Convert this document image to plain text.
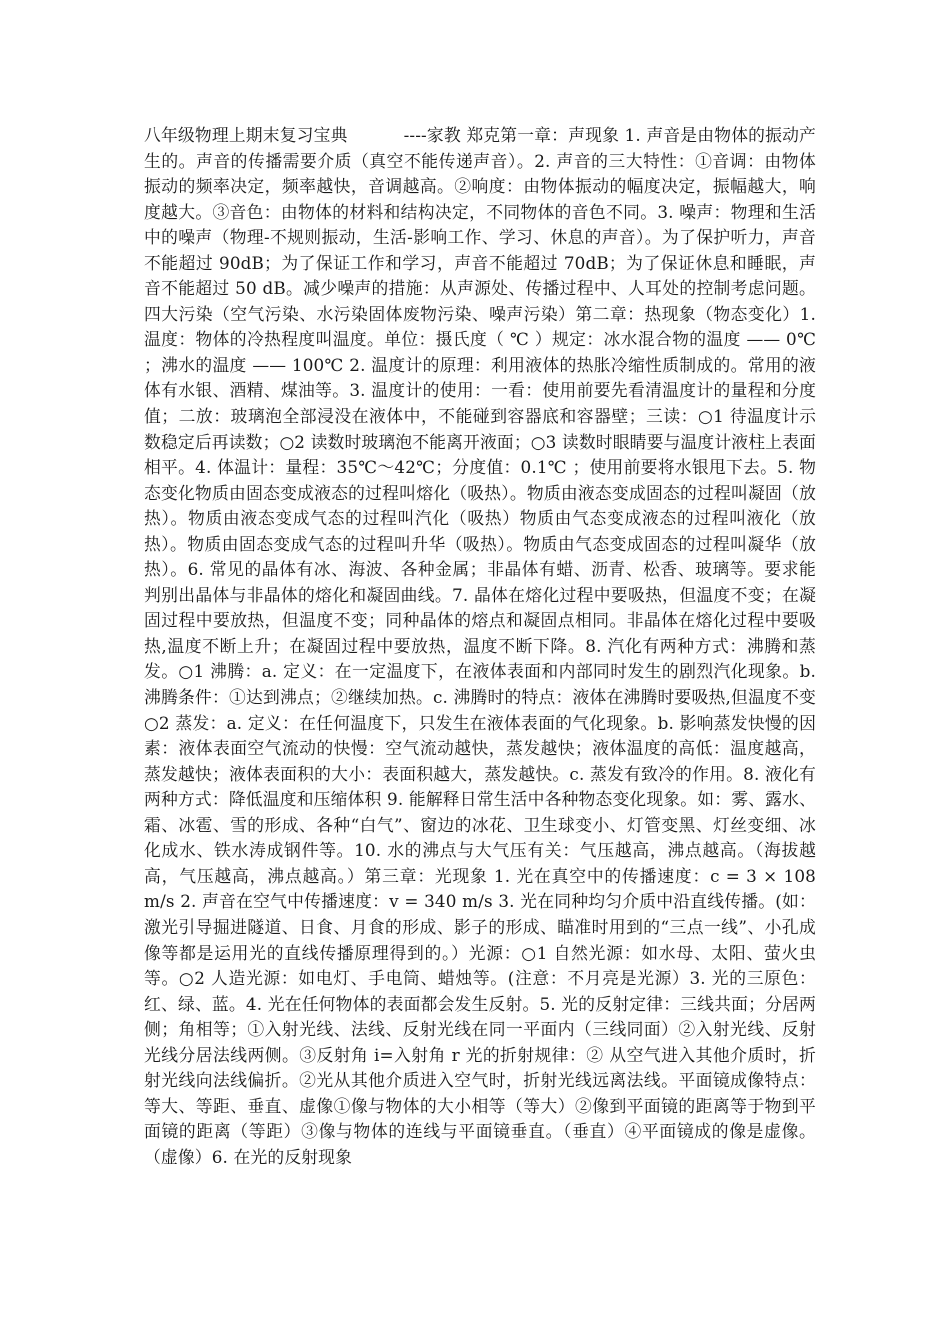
八年级物理上期末复习宝典	----家教 郑克第一章：声现象 1. 声音是由物体的振动产生的。声音的传播需要介质（真空不能传递声音）。2. 声音的三大特性：①音调：由物体振动的频率决定，频率越快，音调越高。②响度：由物体振动的幅度决定，振幅越大，响度越大。③音色：由物体的材料和结构决定，不同物体的音色不同。3. 噪声：物理和生活中的噪声（物理-不规则振动，生活-影响工作、学习、休息的声音）。为了保护听力，声音不能超过 90dB；为了保证工作和学习，声音不能超过 70dB；为了保证休息和睡眠，声音不能超过 50 dB。减少噪声的措施：从声源处、传播过程中、人耳处的控制考虑问题。四大污染（空气污染、水污染固体废物污染、噪声污染）第二章：热现象（物态变化）1. 温度：物体的冷热程度叫温度。单位：摄氏度（ ℃ ）规定：冰水混合物的温度 —— 0℃ ；沸水的温度 —— 100℃ 2. 温度计的原理：利用液体的热胀冷缩性质制成的。常用的液体有水银、酒精、煤油等。3. 温度计的使用：一看：使用前要先看清温度计的量程和分度值；二放：玻璃泡全部浸没在液体中，不能碰到容器底和容器壁；三读：○1 待温度计示数稳定后再读数；○2 读数时玻璃泡不能离开液面；○3 读数时眼睛要与温度计液柱上表面相平。4. 体温计：量程：35℃～42℃；分度值：0.1℃ ；使用前要将水银甩下去。5. 物态变化物质由固态变成液态的过程叫熔化（吸热）。物质由液态变成固态的过程叫凝固（放热）。物质由液态变成气态的过程叫汽化（吸热）物质由气态变成液态的过程叫液化（放热）。物质由固态变成气态的过程叫升华（吸热）。物质由气态变成固态的过程叫凝华（放热）。6. 常见的晶体有冰、海波、各种金属；非晶体有蜡、沥青、松香、玻璃等。要求能判别出晶体与非晶体的熔化和凝固曲线。7. 晶体在熔化过程中要吸热，但温度不变；在凝固过程中要放热，但温度不变；同种晶体的熔点和凝固点相同。非晶体在熔化过程中要吸热,温度不断上升；在凝固过程中要放热，温度不断下降。8. 汽化有两种方式：沸腾和蒸发。○1 沸腾：a. 定义：在一定温度下，在液体表面和内部同时发生的剧烈汽化现象。b. 沸腾条件：①达到沸点；②继续加热。c. 沸腾时的特点：液体在沸腾时要吸热,但温度不变 ○2 蒸发：a. 定义：在任何温度下，只发生在液体表面的气化现象。b. 影响蒸发快慢的因素：液体表面空气流动的快慢：空气流动越快，蒸发越快；液体温度的高低：温度越高，蒸发越快；液体表面积的大小：表面积越大，蒸发越快。c. 蒸发有致冷的作用。8. 液化有两种方式：降低温度和压缩体积 9. 能解释日常生活中各种物态变化现象。如：雾、露水、霜、冰雹、雪的形成、各种“白气”、窗边的冰花、卫生球变小、灯管变黑、灯丝变细、冰化成水、铁水涛成钢件等。10. 水的沸点与大气压有关：气压越高，沸点越高。（海拔越高，气压越高，沸点越高。）第三章：光现象 1. 光在真空中的传播速度：c = 3 × 108 m/s 2. 声音在空气中传播速度：v = 340 m/s 3. 光在同种均匀介质中沿直线传播。(如：激光引导掘进隧道、日食、月食的形成、影子的形成、瞄准时用到的“三点一线”、小孔成像等都是运用光的直线传播原理得到的。）光源：○1 自然光源：如水母、太阳、萤火虫等。○2 人造光源：如电灯、手电筒、蜡烛等。(注意：不月亮是光源）3. 光的三原色：红、绿、蓝。4. 光在任何物体的表面都会发生反射。5. 光的反射定律：三线共面；分居两侧；角相等；①入射光线、法线、反射光线在同一平面内（三线同面）②入射光线、反射光线分居法线两侧。③反射角 i=入射角 r 光的折射规律：② 从空气进入其他介质时，折射光线向法线偏折。②光从其他介质进入空气时，折射光线远离法线。平面镜成像特点：等大、等距、垂直、虚像①像与物体的大小相等（等大）②像到平面镜的距离等于物到平面镜的距离（等距）③像与物体的连线与平面镜垂直。（垂直）④平面镜成的像是虚像。（虚像）6. 在光的反射现象
